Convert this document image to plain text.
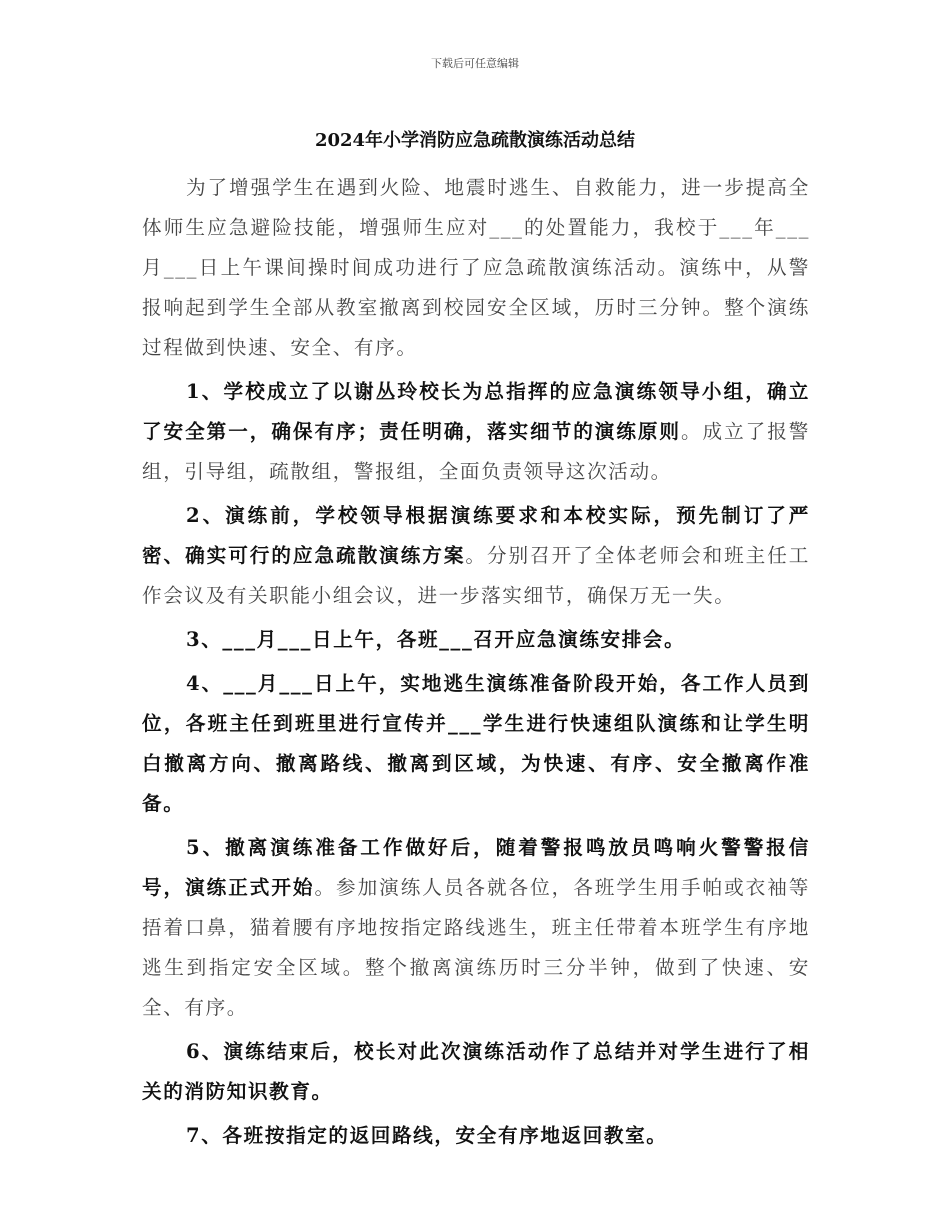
下载后可任意编辑
2024年小学消防应急疏散演练活动总结

为了增强学生在遇到火险、地震时逃生、自救能力，进一步提高全体师生应急避险技能，增强师生应对___的处置能力，我校于___年___月___日上午课间操时间成功进行了应急疏散演练活动。演练中，从警报响起到学生全部从教室撤离到校园安全区域，历时三分钟。整个演练过程做到快速、安全、有序。

1、学校成立了以谢丛玲校长为总指挥的应急演练领导小组，确立了安全第一，确保有序；责任明确，落实细节的演练原则。成立了报警组，引导组，疏散组，警报组，全面负责领导这次活动。

2、演练前，学校领导根据演练要求和本校实际，预先制订了严密、确实可行的应急疏散演练方案。分别召开了全体老师会和班主任工作会议及有关职能小组会议，进一步落实细节，确保万无一失。

3、___月___日上午，各班___召开应急演练安排会。

4、___月___日上午，实地逃生演练准备阶段开始，各工作人员到位，各班主任到班里进行宣传并___学生进行快速组队演练和让学生明白撤离方向、撤离路线、撤离到区域，为快速、有序、安全撤离作准备。

5、撤离演练准备工作做好后，随着警报鸣放员鸣响火警警报信号，演练正式开始。参加演练人员各就各位，各班学生用手帕或衣袖等捂着口鼻，猫着腰有序地按指定路线逃生，班主任带着本班学生有序地逃生到指定安全区域。整个撤离演练历时三分半钟，做到了快速、安全、有序。

6、演练结束后，校长对此次演练活动作了总结并对学生进行了相关的消防知识教育。

7、各班按指定的返回路线，安全有序地返回教室。
